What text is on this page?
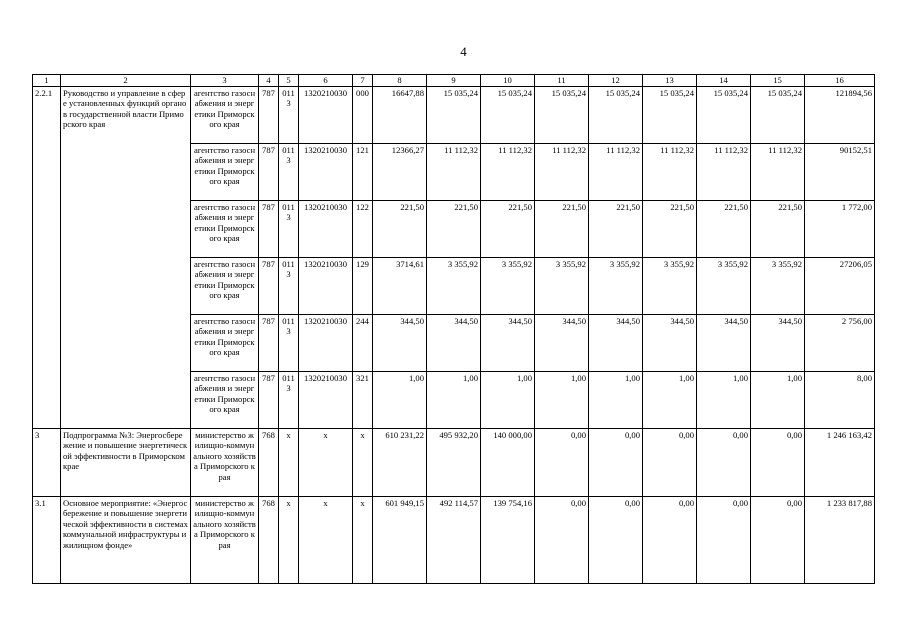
4
1	2	3	4	5	6	7	8	9	10	11	12	13	14	15	16
2.2.1	Руководство и управление в сфере установленных функций органов государственной власти Приморского края	агентство газоснабжения и энергетики Приморского края	787	0113	1320210030	000	16647,88	15 035,24	15 035,24	15 035,24	15 035,24	15 035,24	15 035,24	15 035,24	121894,56
		агентство газоснабжения и энергетики Приморского края	787	0113	1320210030	121	12366,27	11 112,32	11 112,32	11 112,32	11 112,32	11 112,32	11 112,32	11 112,32	90152,51
		агентство газоснабжения и энергетики Приморского края	787	0113	1320210030	122	221,50	221,50	221,50	221,50	221,50	221,50	221,50	221,50	1 772,00
		агентство газоснабжения и энергетики Приморского края	787	0113	1320210030	129	3714,61	3 355,92	3 355,92	3 355,92	3 355,92	3 355,92	3 355,92	3 355,92	27206,05
		агентство газоснабжения и энергетики Приморского края	787	0113	1320210030	244	344,50	344,50	344,50	344,50	344,50	344,50	344,50	344,50	2 756,00
		агентство газоснабжения и энергетики Приморского края	787	0113	1320210030	321	1,00	1,00	1,00	1,00	1,00	1,00	1,00	1,00	8,00
3	Подпрограмма №3: Энергосбережение и повышение энергетической эффективности в Приморском крае	министерство жилищно-коммунального хозяйства Приморского края	768	х	х	х	610 231,22	495 932,20	140 000,00	0,00	0,00	0,00	0,00	0,00	1 246 163,42
3.1	Основное мероприятие: «Энергосбережение и повышение энергетической эффективности в системах коммунальной инфраструктуры и жилищном фонде»	министерство жилищно-коммунального хозяйства Приморского края	768	х	х	х	601 949,15	492 114,57	139 754,16	0,00	0,00	0,00	0,00	0,00	1 233 817,88
